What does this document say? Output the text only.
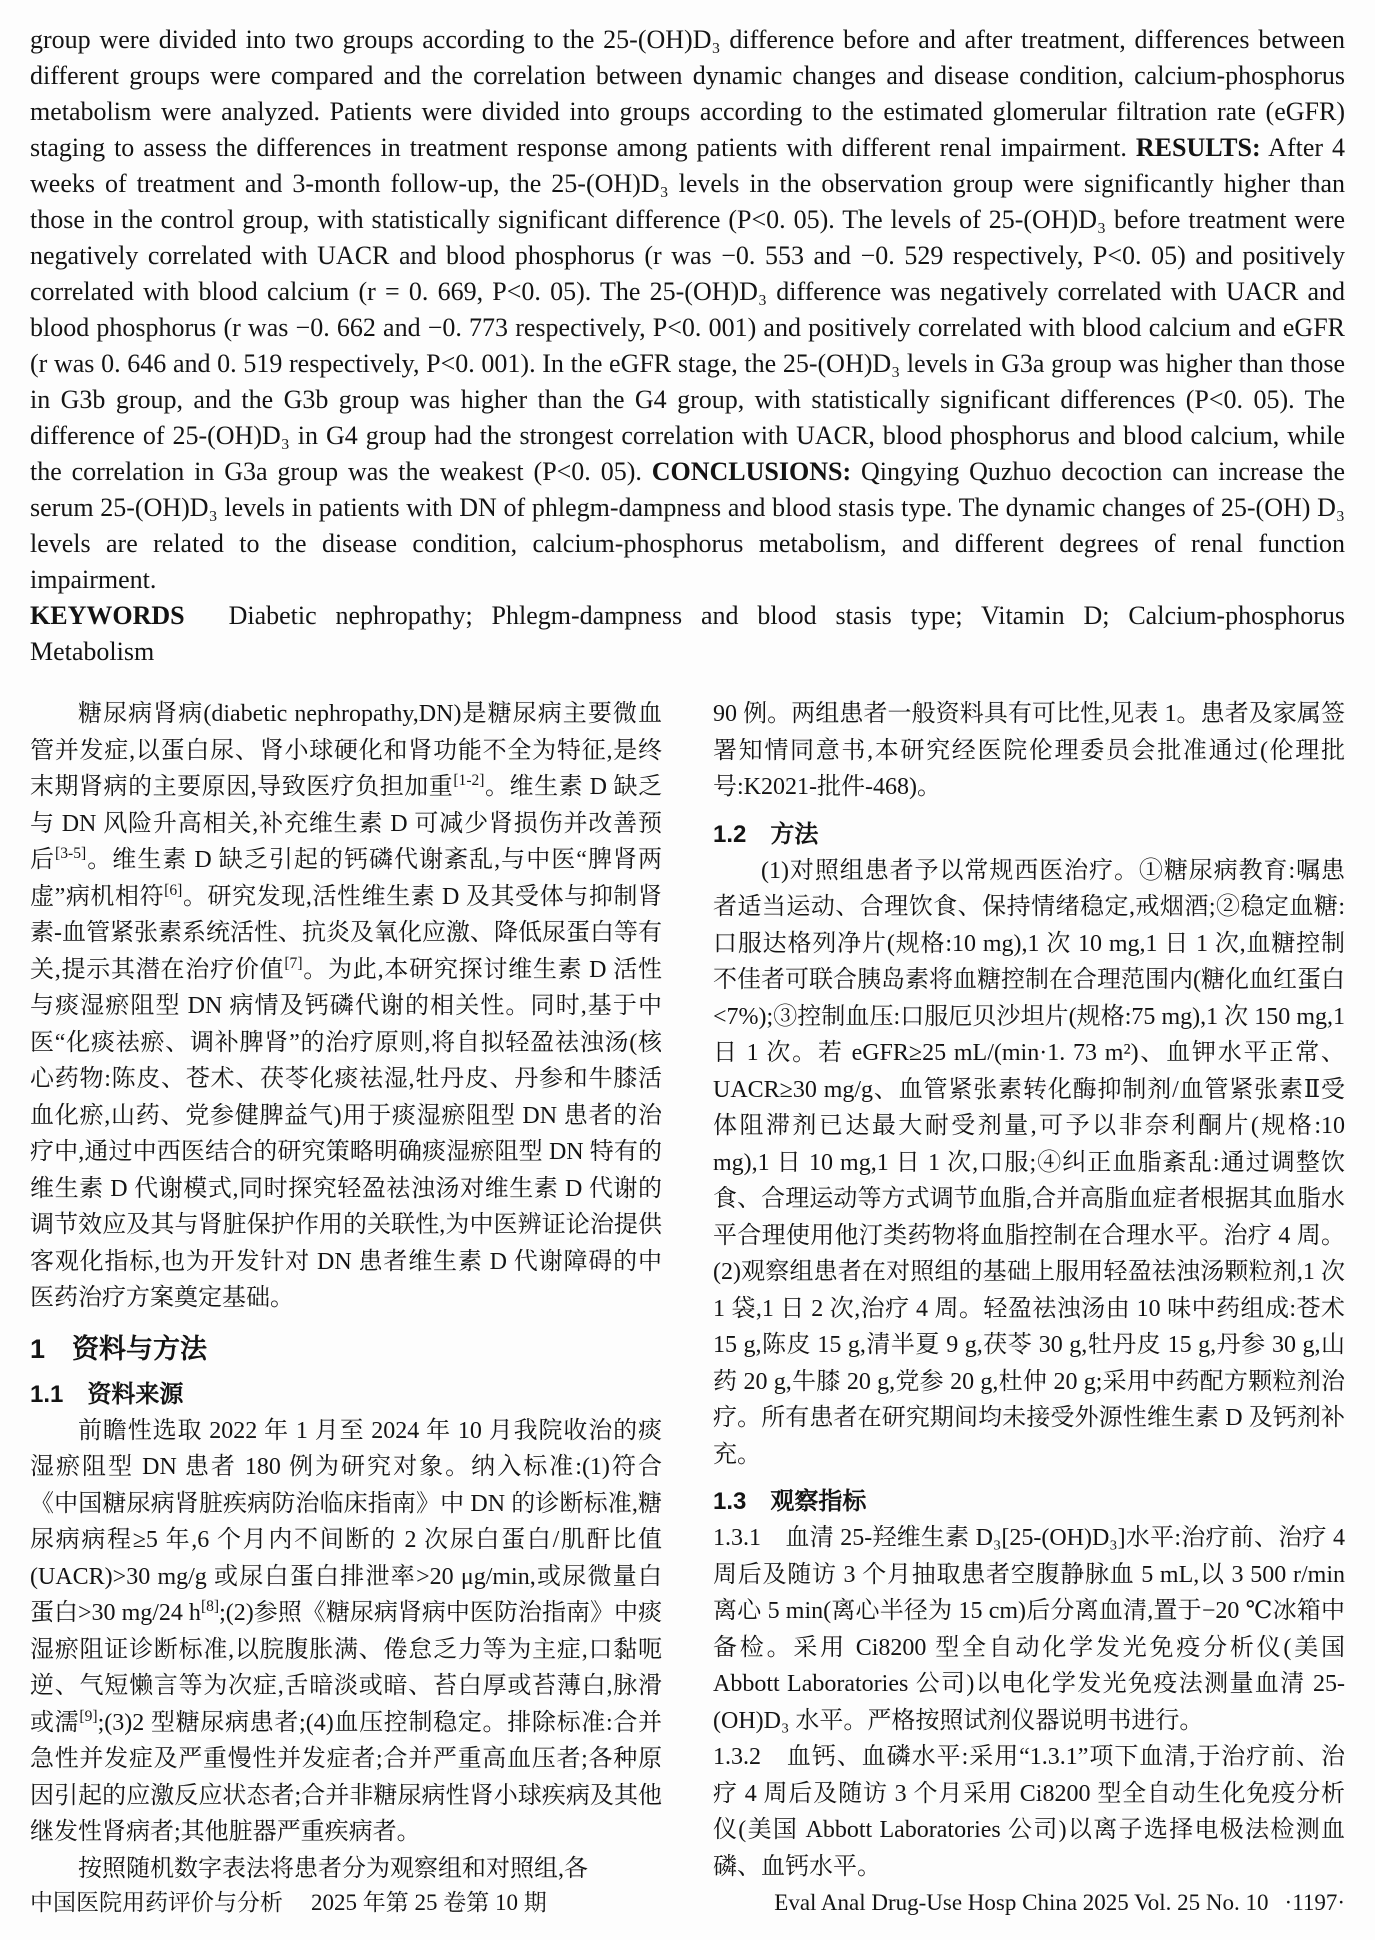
group were divided into two groups according to the 25-(OH)D₃ difference before and after treatment, differences between different groups were compared and the correlation between dynamic changes and disease condition, calcium-phosphorus metabolism were analyzed. Patients were divided into groups according to the estimated glomerular filtration rate (eGFR) staging to assess the differences in treatment response among patients with different renal impairment. RESULTS: After 4 weeks of treatment and 3-month follow-up, the 25-(OH)D₃ levels in the observation group were significantly higher than those in the control group, with statistically significant difference (P<0. 05). The levels of 25-(OH)D₃ before treatment were negatively correlated with UACR and blood phosphorus (r was −0. 553 and −0. 529 respectively, P<0. 05) and positively correlated with blood calcium (r = 0. 669, P<0. 05). The 25-(OH)D₃ difference was negatively correlated with UACR and blood phosphorus (r was −0. 662 and −0. 773 respectively, P<0. 001) and positively correlated with blood calcium and eGFR (r was 0. 646 and 0. 519 respectively, P<0. 001). In the eGFR stage, the 25-(OH)D₃ levels in G3a group was higher than those in G3b group, and the G3b group was higher than the G4 group, with statistically significant differences (P<0. 05). The difference of 25-(OH)D₃ in G4 group had the strongest correlation with UACR, blood phosphorus and blood calcium, while the correlation in G3a group was the weakest (P<0. 05). CONCLUSIONS: Qingying Quzhuo decoction can increase the serum 25-(OH)D₃ levels in patients with DN of phlegm-dampness and blood stasis type. The dynamic changes of 25-(OH) D₃ levels are related to the disease condition, calcium-phosphorus metabolism, and different degrees of renal function impairment.

KEYWORDS Diabetic nephropathy; Phlegm-dampness and blood stasis type; Vitamin D; Calcium-phosphorus Metabolism

糖尿病肾病(diabetic nephropathy,DN)是糖尿病主要微血管并发症,以蛋白尿、肾小球硬化和肾功能不全为特征,是终末期肾病的主要原因,导致医疗负担加重[1-2]。维生素 D 缺乏与 DN 风险升高相关,补充维生素 D 可减少肾损伤并改善预后[3-5]。维生素 D 缺乏引起的钙磷代谢紊乱,与中医“脾肾两虚”病机相符[6]。研究发现,活性维生素 D 及其受体与抑制肾素-血管紧张素系统活性、抗炎及氧化应激、降低尿蛋白等有关,提示其潜在治疗价值[7]。为此,本研究探讨维生素 D 活性与痰湿瘀阻型 DN 病情及钙磷代谢的相关性。同时,基于中医“化痰祛瘀、调补脾肾”的治疗原则,将自拟轻盈祛浊汤(核心药物:陈皮、苍术、茯苓化痰祛湿,牡丹皮、丹参和牛膝活血化瘀,山药、党参健脾益气)用于痰湿瘀阻型 DN 患者的治疗中,通过中西医结合的研究策略明确痰湿瘀阻型 DN 特有的维生素 D 代谢模式,同时探究轻盈祛浊汤对维生素 D 代谢的调节效应及其与肾脏保护作用的关联性,为中医辨证论治提供客观化指标,也为开发针对 DN 患者维生素 D 代谢障碍的中医药治疗方案奠定基础。

1　资料与方法
1.1　资料来源

前瞻性选取 2022 年 1 月至 2024 年 10 月我院收治的痰湿瘀阻型 DN 患者 180 例为研究对象。纳入标准:(1)符合《中国糖尿病肾脏疾病防治临床指南》中 DN 的诊断标准,糖尿病病程≥5 年,6 个月内不间断的 2 次尿白蛋白/肌酐比值(UACR)>30 mg/g 或尿白蛋白排泄率>20 μg/min,或尿微量白蛋白>30 mg/24 h[8];(2)参照《糖尿病肾病中医防治指南》中痰湿瘀阻证诊断标准,以脘腹胀满、倦怠乏力等为主症,口黏呃逆、气短懒言等为次症,舌暗淡或暗、苔白厚或苔薄白,脉滑或濡[9];(3)2 型糖尿病患者;(4)血压控制稳定。排除标准:合并急性并发症及严重慢性并发症者;合并严重高血压者;各种原因引起的应激反应状态者;合并非糖尿病性肾小球疾病及其他继发性肾病者;其他脏器严重疾病者。

按照随机数字表法将患者分为观察组和对照组,各

90 例。两组患者一般资料具有可比性,见表 1。患者及家属签署知情同意书,本研究经医院伦理委员会批准通过(伦理批号:K2021-批件-468)。

1.2　方法

(1)对照组患者予以常规西医治疗。①糖尿病教育:嘱患者适当运动、合理饮食、保持情绪稳定,戒烟酒;②稳定血糖:口服达格列净片(规格:10 mg),1 次 10 mg,1 日 1 次,血糖控制不佳者可联合胰岛素将血糖控制在合理范围内(糖化血红蛋白<7%);③控制血压:口服厄贝沙坦片(规格:75 mg),1 次 150 mg,1 日 1 次。若 eGFR≥25 mL/(min·1. 73 m²)、血钾水平正常、UACR≥30 mg/g、血管紧张素转化酶抑制剂/血管紧张素Ⅱ受体阻滞剂已达最大耐受剂量,可予以非奈利酮片(规格:10 mg),1 日 10 mg,1 日 1 次,口服;④纠正血脂紊乱:通过调整饮食、合理运动等方式调节血脂,合并高脂血症者根据其血脂水平合理使用他汀类药物将血脂控制在合理水平。治疗 4 周。(2)观察组患者在对照组的基础上服用轻盈祛浊汤颗粒剂,1 次 1 袋,1 日 2 次,治疗 4 周。轻盈祛浊汤由 10 味中药组成:苍术 15 g,陈皮 15 g,清半夏 9 g,茯苓 30 g,牡丹皮 15 g,丹参 30 g,山药 20 g,牛膝 20 g,党参 20 g,杜仲 20 g;采用中药配方颗粒剂治疗。所有患者在研究期间均未接受外源性维生素 D 及钙剂补充。

1.3　观察指标

1.3.1　血清 25-羟维生素 D₃[25-(OH)D₃]水平:治疗前、治疗 4 周后及随访 3 个月抽取患者空腹静脉血 5 mL,以 3 500 r/min 离心 5 min(离心半径为 15 cm)后分离血清,置于−20 ℃冰箱中备检。采用 Ci8200 型全自动化学发光免疫分析仪(美国 Abbott Laboratories 公司)以电化学发光免疫法测量血清 25-(OH)D₃ 水平。严格按照试剂仪器说明书进行。

1.3.2　血钙、血磷水平:采用“1.3.1”项下血清,于治疗前、治疗 4 周后及随访 3 个月采用 Ci8200 型全自动生化免疫分析仪(美国 Abbott Laboratories 公司)以离子选择电极法检测血磷、血钙水平。

中国医院用药评价与分析 2025 年第 25 卷第 10 期	Eval Anal Drug-Use Hosp China 2025 Vol. 25 No. 10 ·1197·
